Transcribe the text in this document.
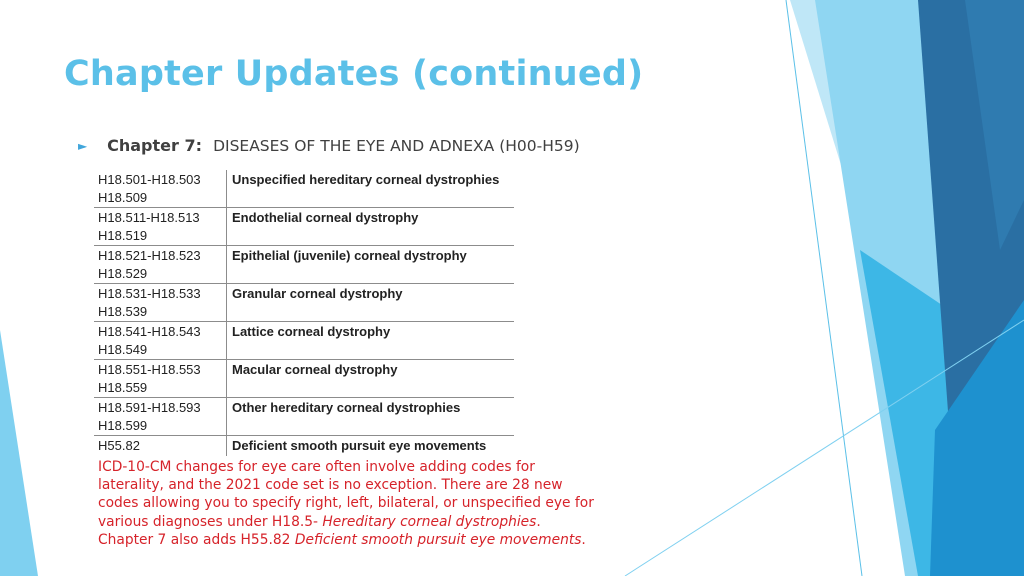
Chapter Updates (continued)
► Chapter 7: DISEASES OF THE EYE AND ADNEXA (H00-H59)
H18.501-H18.503
H18.509	Unspecified hereditary corneal dystrophies

H18.511-H18.513
H18.519	Endothelial corneal dystrophy

H18.521-H18.523
H18.529	Epithelial (juvenile) corneal dystrophy

H18.531-H18.533
H18.539	Granular corneal dystrophy

H18.541-H18.543
H18.549	Lattice corneal dystrophy

H18.551-H18.553
H18.559	Macular corneal dystrophy

H18.591-H18.593
H18.599	Other hereditary corneal dystrophies

H55.82	Deficient smooth pursuit eye movements

ICD-10-CM changes for eye care often involve adding codes for laterality, and the 2021 code set is no exception. There are 28 new codes allowing you to specify right, left, bilateral, or unspecified eye for various diagnoses under H18.5- Hereditary corneal dystrophies. Chapter 7 also adds H55.82 Deficient smooth pursuit eye movements.
